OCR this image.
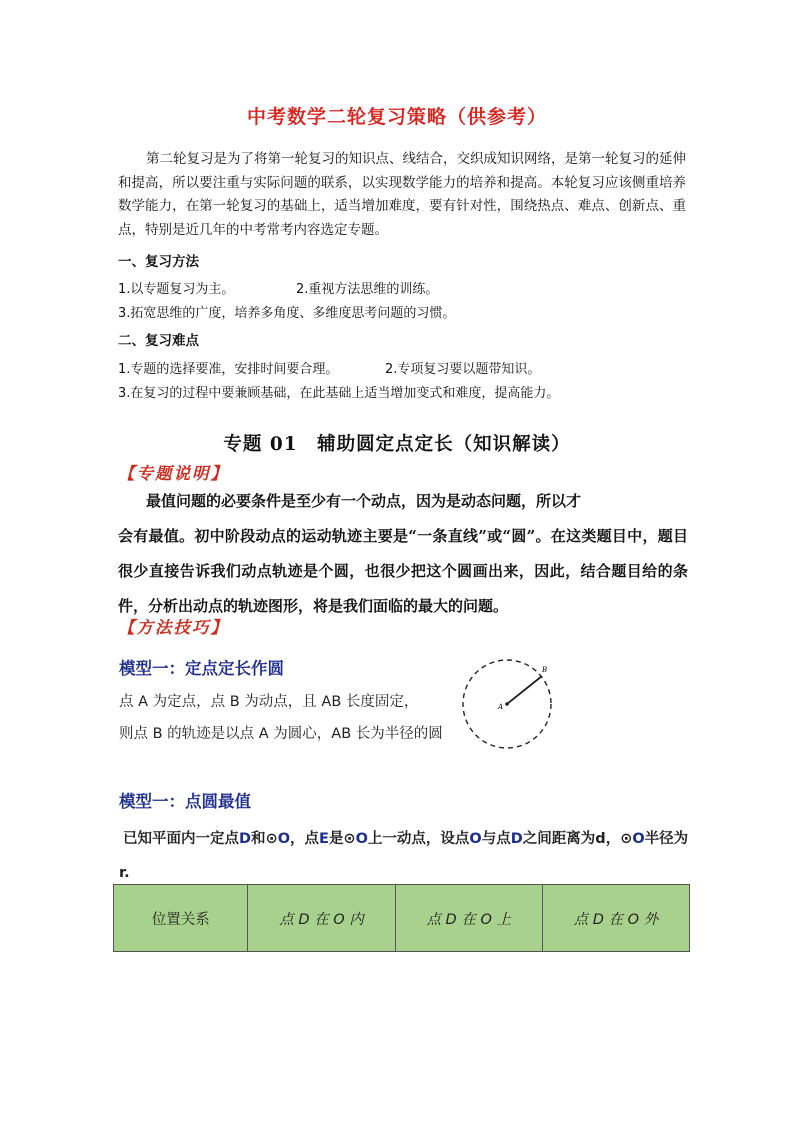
中考数学二轮复习策略（供参考）

第二轮复习是为了将第一轮复习的知识点、线结合，交织成知识网络，是第一轮复习的延伸和提高，所以要注重与实际问题的联系，以实现数学能力的培养和提高。本轮复习应该侧重培养数学能力，在第一轮复习的基础上，适当增加难度，要有针对性，围绕热点、难点、创新点、重点，特别是近几年的中考常考内容选定专题。

一、复习方法
1.以专题复习为主。	2.重视方法思维的训练。
3.拓宽思维的广度，培养多角度、多维度思考问题的习惯。
二、复习难点
1.专题的选择要准，安排时间要合理。	2.专项复习要以题带知识。
3.在复习的过程中要兼顾基础，在此基础上适当增加变式和难度，提高能力。
专题 01　辅助圆定点定长（知识解读）
【专题说明】
最值问题的必要条件是至少有一个动点，因为是动态问题，所以才
会有最值。初中阶段动点的运动轨迹主要是“一条直线”或“圆”。在这类题目中，题目很少直接告诉我们动点轨迹是个圆，也很少把这个圆画出来，因此，结合题目给的条件，分析出动点的轨迹图形，将是我们面临的最大的问题。
【方法技巧】
模型一：定点定长作圆
点 A 为定点，点 B 为动点，且 AB 长度固定，
则点 B 的轨迹是以点 A 为圆心，AB 长为半径的圆
A
B
模型一：点圆最值
已知平面内一定点D和⊙O，点E是⊙O上一动点，设点O与点D之间距离为d，⊙O半径为r.
位置关系	点 D 在 O 内	点 D 在 O 上	点 D 在 O 外
